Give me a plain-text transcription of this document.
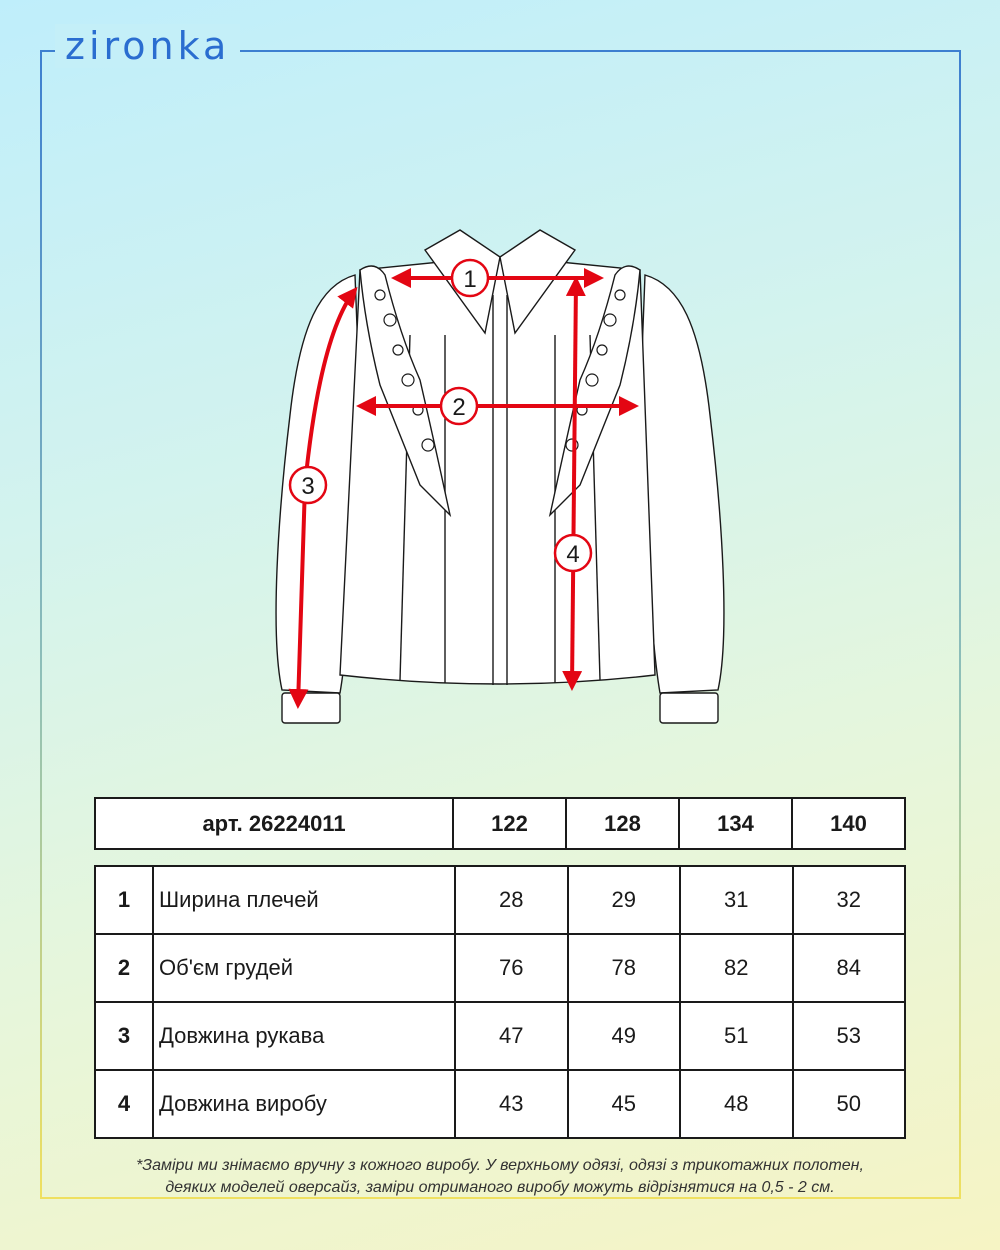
zironka
1
2
3
4
арт. 26224011	122	128	134	140
1	Ширина плечей	28	29	31	32
2	Об'єм грудей	76	78	82	84
3	Довжина рукава	47	49	51	53
4	Довжина виробу	43	45	48	50
*Заміри ми знімаємо вручну з кожного виробу. У верхньому одязі, одязі з трикотажних полотен,
деяких моделей оверсайз, заміри отриманого виробу можуть відрізнятися на 0,5 - 2 см.
